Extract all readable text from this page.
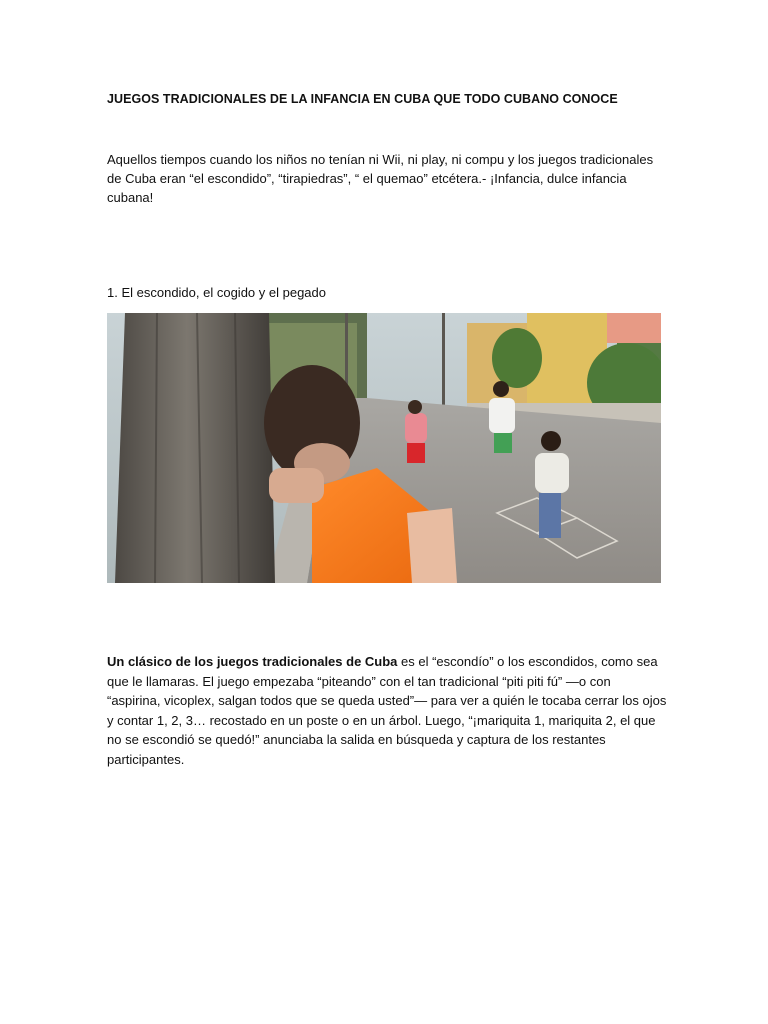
JUEGOS TRADICIONALES DE LA INFANCIA EN CUBA QUE TODO CUBANO CONOCE

Aquellos tiempos cuando los niños no tenían ni Wii, ni play, ni compu y los juegos tradicionales de Cuba eran “el escondido”, “tirapiedras”, “ el quemao” etcétera.- ¡Infancia, dulce infancia cubana!

1. El escondido, el cogido y el pegado

Un clásico de los juegos tradicionales de Cuba es el “escondío” o los escondidos, como sea que le llamaras. El juego empezaba “piteando” con el tan tradicional “piti piti fú” —o con “aspirina, vicoplex, salgan todos que se queda usted”— para ver a quién le tocaba cerrar los ojos y contar 1, 2, 3… recostado en un poste o en un árbol. Luego, “¡mariquita 1, mariquita 2, el que no se escondió se quedó!” anunciaba la salida en búsqueda y captura de los restantes participantes.
